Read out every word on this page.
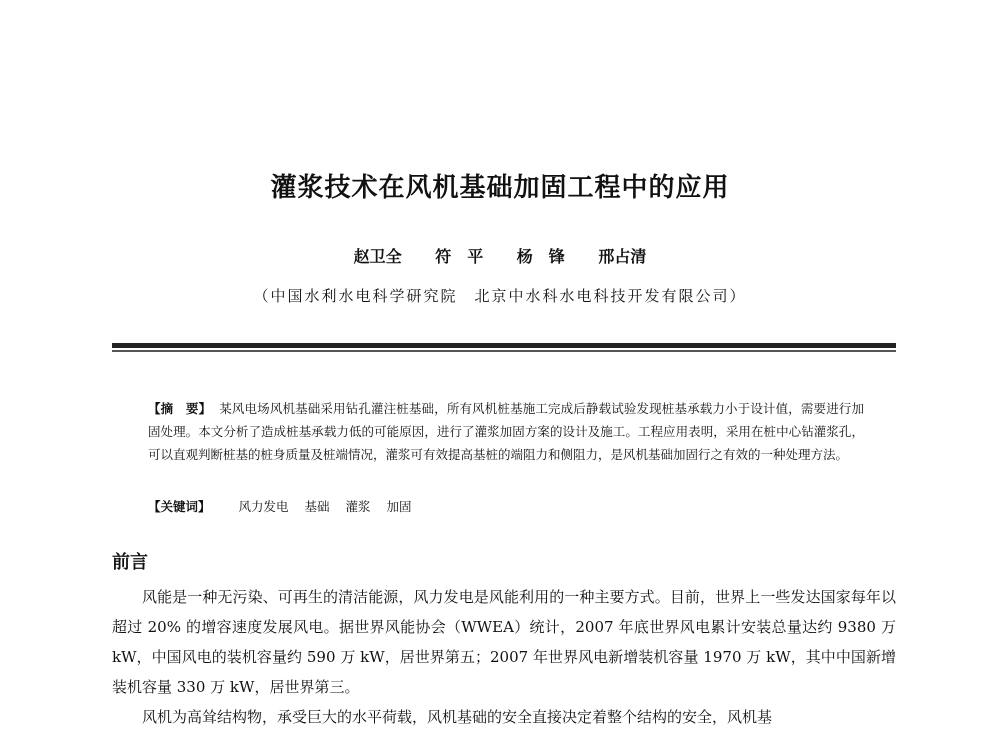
灌浆技术在风机基础加固工程中的应用
赵卫全 符　平 杨　锋 邢占清
（中国水利水电科学研究院　北京中水科水电科技开发有限公司）
【摘　要】 某风电场风机基础采用钻孔灌注桩基础，所有风机桩基施工完成后静载试验发现桩基承载力小于设计值，需要进行加固处理。本文分析了造成桩基承载力低的可能原因，进行了灌浆加固方案的设计及施工。工程应用表明，采用在桩中心钻灌浆孔，可以直观判断桩基的桩身质量及桩端情况，灌浆可有效提高基桩的端阻力和侧阻力，是风机基础加固行之有效的一种处理方法。
【关键词】 风力发电 基础 灌浆 加固
前言

风能是一种无污染、可再生的清洁能源，风力发电是风能利用的一种主要方式。目前，世界上一些发达国家每年以超过 20% 的增容速度发展风电。据世界风能协会（WWEA）统计，2007 年底世界风电累计安装总量达约 9380 万 kW，中国风电的装机容量约 590 万 kW，居世界第五；2007 年世界风电新增装机容量 1970 万 kW，其中中国新增装机容量 330 万 kW，居世界第三。

风机为高耸结构物，承受巨大的水平荷载，风机基础的安全直接决定着整个结构的安全，风机基
